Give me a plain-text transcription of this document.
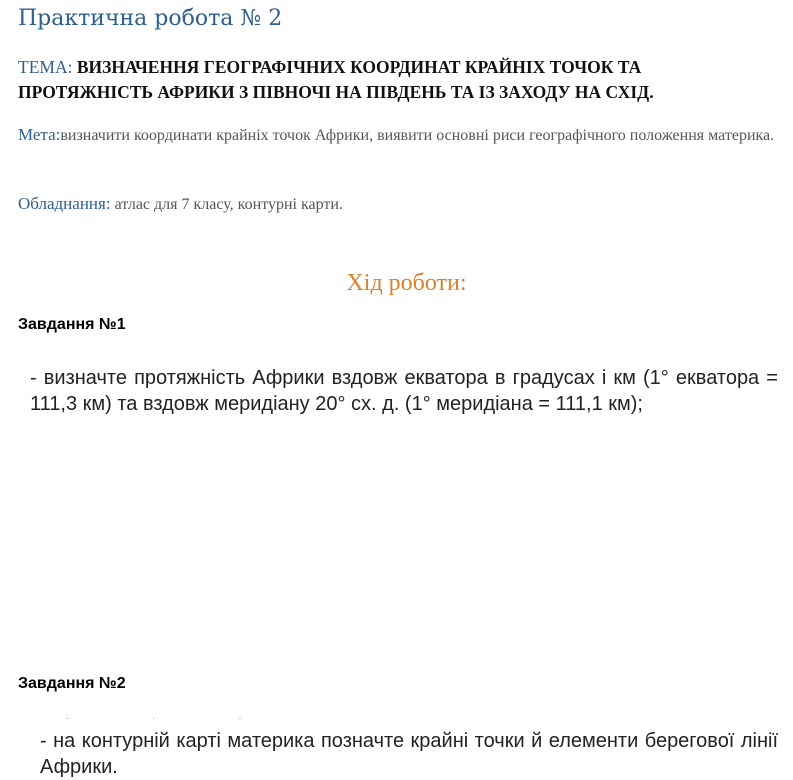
Практична робота № 2

ТЕМА: ВИЗНАЧЕННЯ ГЕОГРАФІЧНИХ КООРДИНАТ КРАЙНІХ ТОЧОК ТА ПРОТЯЖНІСТЬ АФРИКИ З ПІВНОЧІ НА ПІВДЕНЬ ТА ІЗ ЗАХОДУ НА СХІД.

Мета:визначити координати крайніх точок Африки, виявити основні риси географічного положення материка.

Обладнання: атлас для 7 класу, контурні карти.

Хід роботи:
Завдання №1

- визначте протяжність Африки вздовж екватора в градусах і км (1° екватора = 111,3 км) та вздовж меридіану 20° сх. д. (1° меридіана = 111,1 км);

Завдання №2
· · ·

- на контурній карті материка позначте крайні точки й елементи берегової лінії Африки.
